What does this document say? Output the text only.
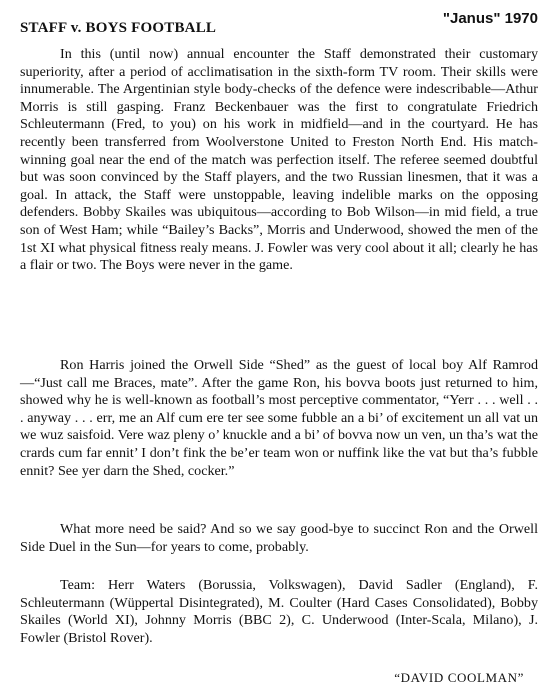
STAFF v. BOYS FOOTBALL
"Janus" 1970

In this (until now) annual encounter the Staff demonstrated their customary superiority, after a period of acclimatisation in the sixth-form TV room. Their skills were innumerable. The Argentinian style body-checks of the defence were indescribable—Athur Morris is still gasping. Franz Beckenbauer was the first to congratulate Friedrich Schleutermann (Fred, to you) on his work in midfield—and in the courtyard. He has recently been transferred from Woolverstone United to Freston North End. His match-winning goal near the end of the match was perfection itself. The referee seemed doubtful but was soon convinced by the Staff players, and the two Russian linesmen, that it was a goal. In attack, the Staff were unstoppable, leaving indelible marks on the opposing defenders. Bobby Skailes was ubiquitous—according to Bob Wilson—in mid field, a true son of West Ham; while “Bailey’s Backs”, Morris and Underwood, showed the men of the 1st XI what physical fitness realy means. J. Fowler was very cool about it all; clearly he has a flair or two. The Boys were never in the game.

Ron Harris joined the Orwell Side “Shed” as the guest of local boy Alf Ramrod—“Just call me Braces, mate”. After the game Ron, his bovva boots just returned to him, showed why he is well-known as football’s most perceptive commentator, “Yerr . . . well . . . anyway . . . err, me an Alf cum ere ter see some fubble an a bi’ of excitement un all vat un we wuz saisfoid. Vere waz pleny o’ knuckle and a bi’ of bovva now un ven, un tha’s wat the crards cum far ennit’ I don’t fink the be’er team won or nuffink like the vat but tha’s fubble ennit? See yer darn the Shed, cocker.”

What more need be said? And so we say good-bye to succinct Ron and the Orwell Side Duel in the Sun—for years to come, probably.

Team: Herr Waters (Borussia, Volkswagen), David Sadler (England), F. Schleutermann (Wüppertal Disintegrated), M. Coulter (Hard Cases Consolidated), Bobby Skailes (World XI), Johnny Morris (BBC 2), C. Underwood (Inter-Scala, Milano), J. Fowler (Bristol Rover).

“DAVID COOLMAN”
